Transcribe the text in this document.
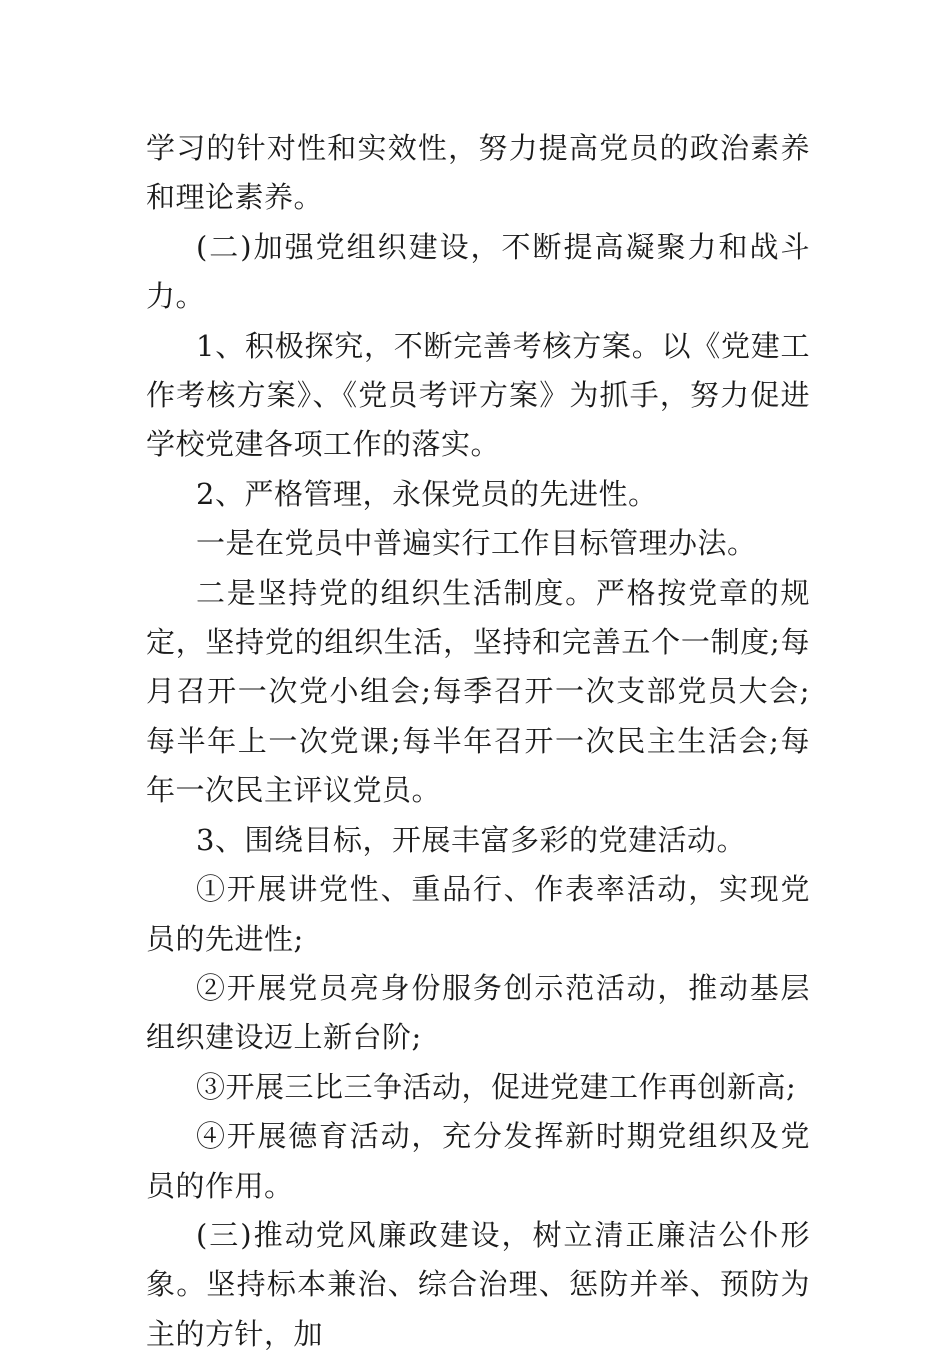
学习的针对性和实效性，努力提高党员的政治素养和理论素养。

(二)加强党组织建设，不断提高凝聚力和战斗力。

1、积极探究，不断完善考核方案。以《党建工作考核方案》、《党员考评方案》为抓手，努力促进学校党建各项工作的落实。

2、严格管理，永保党员的先进性。

一是在党员中普遍实行工作目标管理办法。

二是坚持党的组织生活制度。严格按党章的规定，坚持党的组织生活，坚持和完善五个一制度;每月召开一次党小组会;每季召开一次支部党员大会;每半年上一次党课;每半年召开一次民主生活会;每年一次民主评议党员。

3、围绕目标，开展丰富多彩的党建活动。

①开展讲党性、重品行、作表率活动，实现党员的先进性;

②开展党员亮身份服务创示范活动，推动基层组织建设迈上新台阶;

③开展三比三争活动，促进党建工作再创新高;

④开展德育活动，充分发挥新时期党组织及党员的作用。

(三)推动党风廉政建设，树立清正廉洁公仆形象。坚持标本兼治、综合治理、惩防并举、预防为主的方针，加
